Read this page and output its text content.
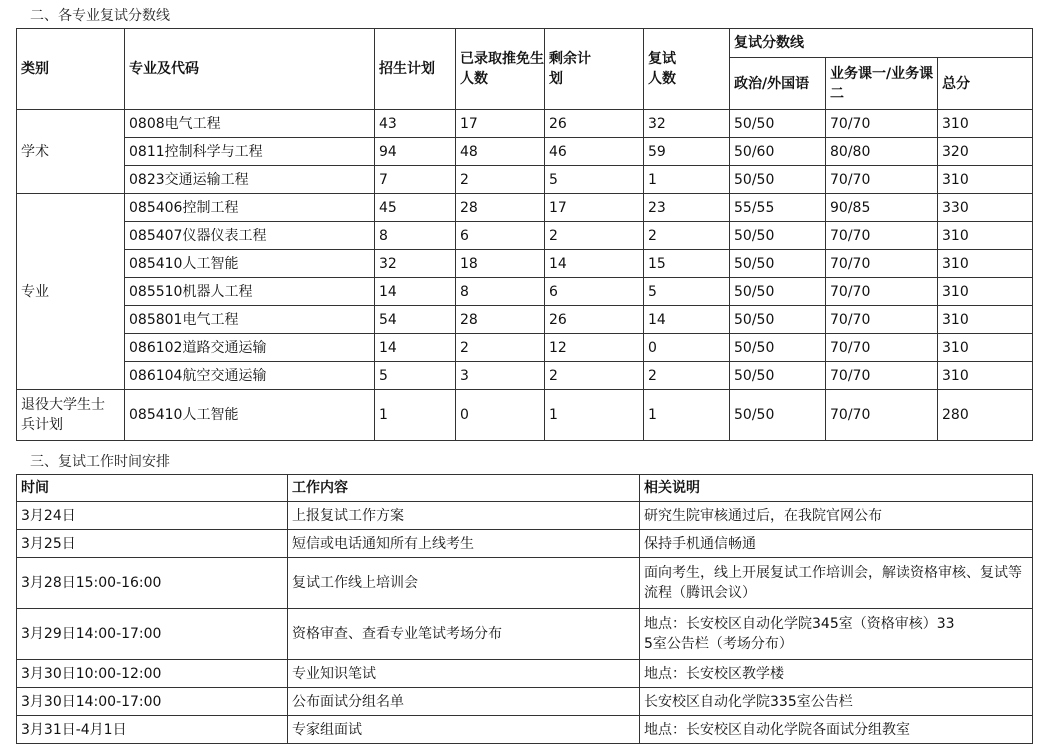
二、各专业复试分数线
类别	专业及代码	招生计划	已录取推免生人数	剩余计划	复试人数	复试分数线		
						政治/外国语	业务课一/业务课二	总分
学术	0808电气工程	43	17	26	32	50/50	70/70	310
	0811控制科学与工程	94	48	46	59	50/60	80/80	320
	0823交通运输工程	7	2	5	1	50/50	70/70	310
专业	085406控制工程	45	28	17	23	55/55	90/85	330
	085407仪器仪表工程	8	6	2	2	50/50	70/70	310
	085410人工智能	32	18	14	15	50/50	70/70	310
	085510机器人工程	14	8	6	5	50/50	70/70	310
	085801电气工程	54	28	26	14	50/50	70/70	310
	086102道路交通运输	14	2	12	0	50/50	70/70	310
	086104航空交通运输	5	3	2	2	50/50	70/70	310
退役大学生士兵计划	085410人工智能	1	0	1	1	50/50	70/70	280
三、复试工作时间安排
时间	工作内容	相关说明
3月24日	上报复试工作方案	研究生院审核通过后，在我院官网公布
3月25日	短信或电话通知所有上线考生	保持手机通信畅通
3月28日15:00-16:00	复试工作线上培训会	面向考生，线上开展复试工作培训会，解读资格审核、复试等流程（腾讯会议）
3月29日14:00-17:00	资格审查、查看专业笔试考场分布	地点：长安校区自动化学院345室（资格审核）335室公告栏（考场分布）
3月30日10:00-12:00	专业知识笔试	地点：长安校区教学楼
3月30日14:00-17:00	公布面试分组名单	长安校区自动化学院335室公告栏
3月31日-4月1日	专家组面试	地点：长安校区自动化学院各面试分组教室
